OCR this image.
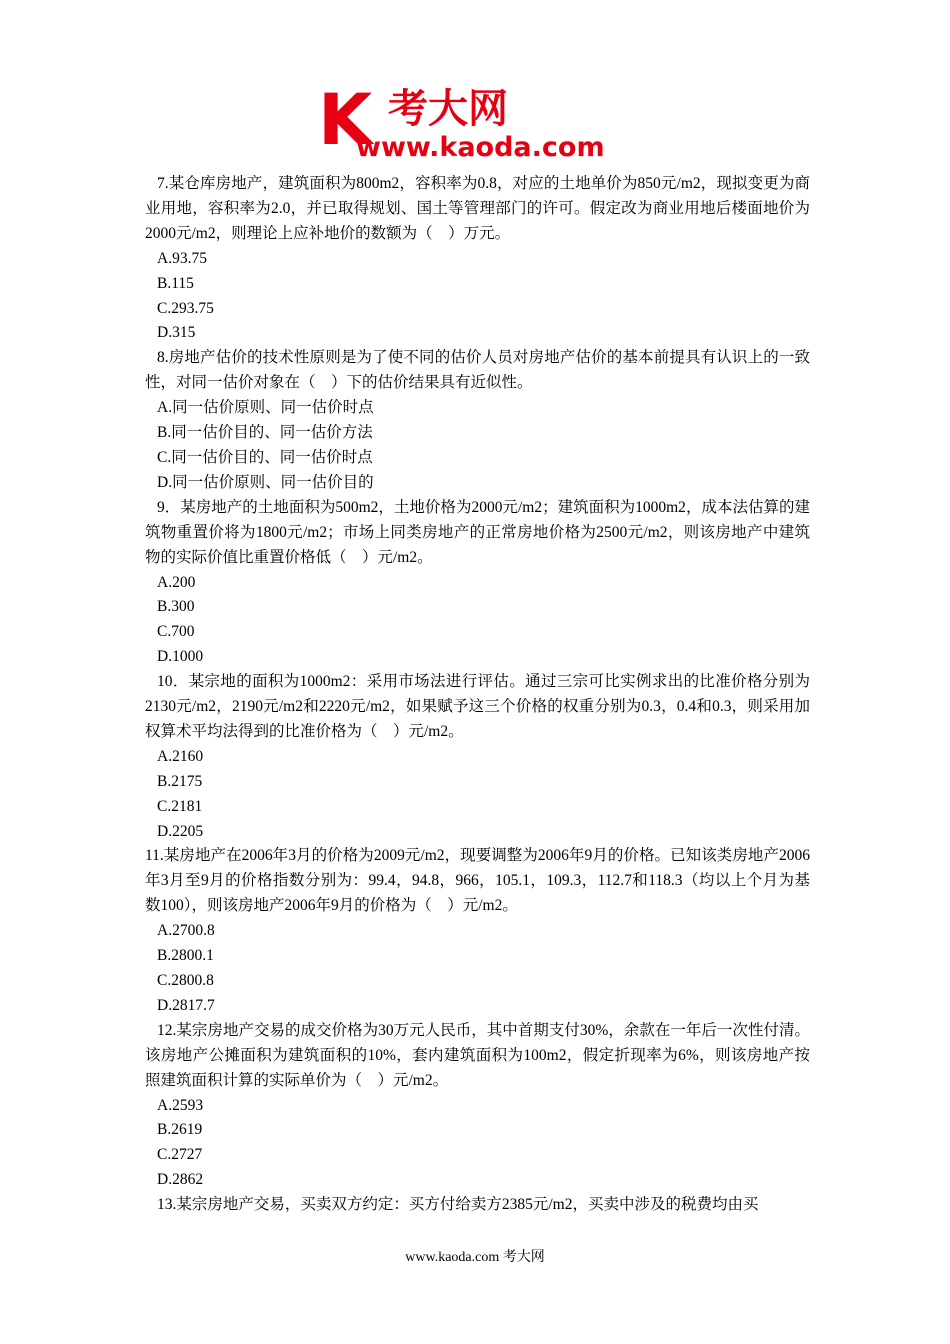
K 考大网
www.kaoda.com

7.某仓库房地产，建筑面积为800m2，容积率为0.8，对应的土地单价为850元/m2，现拟变更为商业用地，容积率为2.0，并已取得规划、国土等管理部门的许可。假定改为商业用地后楼面地价为2000元/m2，则理论上应补地价的数额为（　）万元。

A.93.75

B.115

C.293.75

D.315

8.房地产估价的技术性原则是为了使不同的估价人员对房地产估价的基本前提具有认识上的一致性，对同一估价对象在（　）下的估价结果具有近似性。

A.同一估价原则、同一估价时点

B.同一估价目的、同一估价方法

C.同一估价目的、同一估价时点

D.同一估价原则、同一估价目的

9．某房地产的土地面积为500m2，土地价格为2000元/m2；建筑面积为1000m2，成本法估算的建筑物重置价将为1800元/m2；市场上同类房地产的正常房地价格为2500元/m2，则该房地产中建筑物的实际价值比重置价格低（　）元/m2。

A.200

B.300

C.700

D.1000

10．某宗地的面积为1000m2：采用市场法进行评估。通过三宗可比实例求出的比准价格分别为2130元/m2，2190元/m2和2220元/m2，如果赋予这三个价格的权重分别为0.3，0.4和0.3，则采用加权算术平均法得到的比准价格为（　）元/m2。

A.2160

B.2175

C.2181

D.2205

11.某房地产在2006年3月的价格为2009元/m2，现要调整为2006年9月的价格。已知该类房地产2006年3月至9月的价格指数分别为：99.4，94.8，966，105.1，109.3，112.7和118.3（均以上个月为基数100），则该房地产2006年9月的价格为（　）元/m2。

A.2700.8

B.2800.1

C.2800.8

D.2817.7

12.某宗房地产交易的成交价格为30万元人民币，其中首期支付30%，余款在一年后一次性付清。该房地产公摊面积为建筑面积的10%，套内建筑面积为100m2，假定折现率为6%，则该房地产按照建筑面积计算的实际单价为（　）元/m2。

A.2593

B.2619

C.2727

D.2862

13.某宗房地产交易，买卖双方约定：买方付给卖方2385元/m2，买卖中涉及的税费均由买

www.kaoda.com 考大网
